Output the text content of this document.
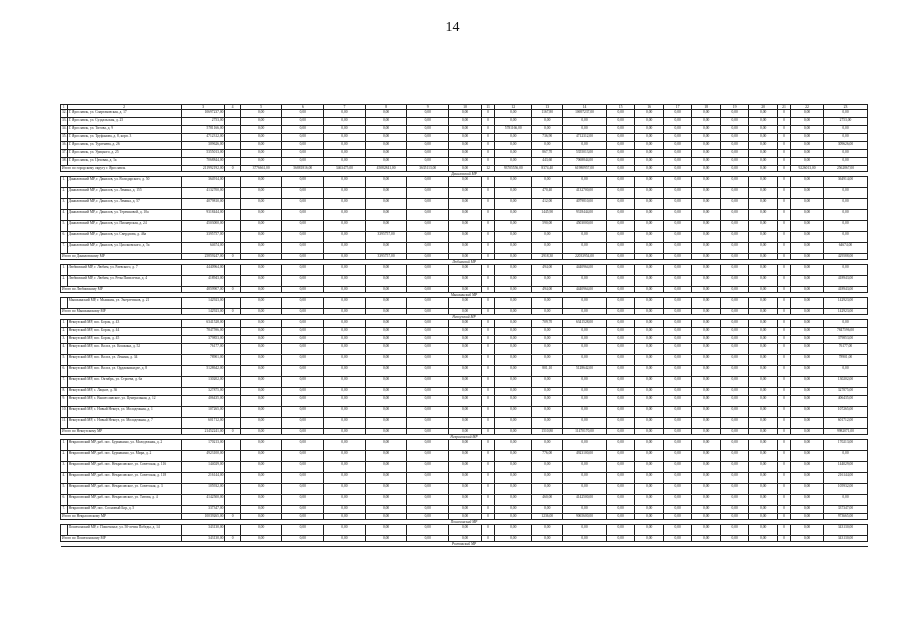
14
1	2	3	4	5	6	7	8	9	10	11	12	13	14	15	16	17	18	19	20	21	22	23
32.	Г. Ярославль, ул. Спартаковская, д. 17	10697237,00		0,00	0,00	0,00	0,00	0,00	0,00	0	0,00	1167,80	10697237,00	0,00	0,00	0,00	0,00	0,00	0,00	0	0,00	0,00
33.	Г. Ярославль, ул. Суздальская, д. 25	2753,00		0,00	0,00	0,00	0,00	0,00	0,00	0	0,00	0,00	0,00	0,00	0,00	0,00	0,00	0,00	0,00	0	0,00	2753,00
34.	Г. Ярославль, ул. Титова, д. 9	5781166,00		0,00	0,00	0,00	0,00	0,00	0,00	0	5781166,00	0,00	0,00	0,00	0,00	0,00	0,00	0,00	0,00	0	0,00	0,00
35.	Г. Ярославль, ул. Труфанова, д. 8, корп. 3	4712312,00		0,00	0,00	0,00	0,00	0,00	0,00	0	0,00	736,90	4712312,00	0,00	0,00	0,00	0,00	0,00	0,00	0	0,00	0,00
36.	Г. Ярославль, ул. Тургенева, д. 26	309626,00		0,00	0,00	0,00	0,00	0,00	0,00	0	0,00	0,00	0,00	0,00	0,00	0,00	0,00	0,00	0,00	0	0,00	309626,00
37.	Г. Ярославль, ул. Урицкого, д. 25	5355013,00		0,00	0,00	0,00	0,00	0,00	0,00	0	0,00	867,70	5355013,00	0,00	0,00	0,00	0,00	0,00	0,00	0	0,00	0,00
38.	Г. Ярославль, ул. Цеховая, д. 1а	7068844,00		0,00	0,00	0,00	0,00	0,00	0,00	0	0,00	443,60	7068844,00	0,00	0,00	0,00	0,00	0,00	0,00	0	0,00	0,00
Итого по городскому округу г. Ярославль		211992192,00	0	3776661,00	56881816,00	3463475,00	45082841,00	3635113,00	0,00	12	93705556,00	8374,40	61980957,00	0,00	0,00	0,00	0,00	0,00	0,00	0	9226013,00	2562867,00
Даниловский МР																						
1.	Даниловский МР, г. Данилов, ул. Володарского, д. 50	364914,00		0,00	0,00	0,00	0,00	0,00	0,00	0	0,00	0,00	0,00	0,00	0,00	0,00	0,00	0,00	0,00	0	0,00	364914,00
2.	Даниловский МР, г. Данилов, ул. Ленина, д. 155	4132700,00		0,00	0,00	0,00	0,00	0,00	0,00	0	0,00	470,40	4132700,00	0,00	0,00	0,00	0,00	0,00	0,00	0	0,00	0,00
3.	Даниловский МР, г. Данилов, ул. Ленина, д. 57	4079810,00		0,00	0,00	0,00	0,00	0,00	0,00	0	0,00	412,00	4079810,00	0,00	0,00	0,00	0,00	0,00	0,00	0	0,00	0,00
4.	Даниловский МР, г. Данилов, ул. Терешковой, д. 10а	9318444,00		0,00	0,00	0,00	0,00	0,00	0,00	0	0,00	1445,90	9318444,00	0,00	0,00	0,00	0,00	0,00	0,00	0	0,00	0,00
5.	Даниловский МР, г. Данилов, ул. Пионерская, д. 24	4503000,00		0,00	0,00	0,00	0,00	0,00	0,00	0	0,00	590,00	4503000,00	0,00	0,00	0,00	0,00	0,00	0,00	0	0,00	0,00
6.	Даниловский МР, г. Данилов, ул. Свердлова, д. 46а	3395757,00		0,00	0,00	0,00	3395757,00	0,00	0,00	0	0,00	0,00	0,00	0,00	0,00	0,00	0,00	0,00	0,00	0	0,00	0,00
7.	Даниловский МР, г. Данилов, ул. Циолковского, д. 5а	64674,00		0,00	0,00	0,00	0,00	0,00	0,00	0	0,00	0,00	0,00	0,00	0,00	0,00	0,00	0,00	0,00	0	0,00	64674,00
Итого по Даниловскому МР		25859247,00	0	0,00	0,00	0,00	3395757,00	0,00	0,00	0	0,00	2918,30	22033954,00	0,00	0,00	0,00	0,00	0,00	0,00	0	0,00	429588,00
Любимский МР																						
1.	Любимский МР, г. Любим, ул. Раевского, д. 7	4440964,00		0,00	0,00	0,00	0,00	0,00	0,00	0	0,00	494,00	4440964,00	0,00	0,00	0,00	0,00	0,00	0,00	0	0,00	0,00
2.	Любимский МР, г. Любим, ул. Речн Пятилетки, д. 4	418943,00		0,00	0,00	0,00	0,00	0,00	0,00	0	0,00	0,00	0,00	0,00	0,00	0,00	0,00	0,00	0,00	0	0,00	418943,00
Итого по Любимскому МР		4859907,00	0	0,00	0,00	0,00	0,00	0,00	0,00	0	0,00	494,00	4440964,00	0,00	0,00	0,00	0,00	0,00	0,00	0	0,00	418943,00
Мышкинский МР																						
	Мышкинский МР, г. Мышкин, ул. Энергетиков, д. 21	142923,00		0,00	0,00	0,00	0,00	0,00	0,00	0	0,00	0,00	0,00	0,00	0,00	0,00	0,00	0,00	0,00	0	0,00	142923,00
Итого по Мышкинскому МР		142923,00	0	0,00	0,00	0,00	0,00	0,00	0,00	0	0,00	0,00	0,00	0,00	0,00	0,00	0,00	0,00	0,00	0	0,00	142923,00
Некоузский МР																						
1.	Некоузский МР, пос. Борок, д. 43	6341528,00		0,00	0,00	0,00	0,00	0,00	0,00	0	0,00	709,70	6341528,00	0,00	0,00	0,00	0,00	0,00	0,00	0	0,00	0,00
2.	Некоузский МР, пос. Борок, д. 44	7847596,00		0,00	0,00	0,00	0,00	0,00	0,00	0	0,00	0,00	0,00	0,00	0,00	0,00	0,00	0,00	0,00	0	0,00	7847596,00
3.	Некоузский МР, пос. Борок, д. 45	379853,00		0,00	0,00	0,00	0,00	0,00	0,00	0	0,00	0,00	0,00	0,00	0,00	0,00	0,00	0,00	0,00	0	0,00	379853,00
4.	Некоузский МР, пос. Волга, ул. Кошкина, д. 52	76177,00		0,00	0,00	0,00	0,00	0,00	0,00	0	0,00	0,00	0,00	0,00	0,00	0,00	0,00	0,00	0,00	0	0,00	76177,00
5.	Некоузский МР, пос. Волга, ул. Ленина, д. 34	78901,00		0,00	0,00	0,00	0,00	0,00	0,00	0	0,00	0,00	0,00	0,00	0,00	0,00	0,00	0,00	0,00	0	0,00	78901,00
6.	Некоузский МР, пос. Волга, ул. Орджоникидзе, д. 8	5128642,00		0,00	0,00	0,00	0,00	0,00	0,00	0	0,00	801,10	5128642,00	0,00	0,00	0,00	0,00	0,00	0,00	0	0,00	0,00
7.	Некоузский МР, пос. Октябрь, ул. Строева, д. 6а	130202,00		0,00	0,00	0,00	0,00	0,00	0,00	0	0,00	0,00	0,00	0,00	0,00	0,00	0,00	0,00	0,00	0	0,00	130202,00
8.	Некоузский МР, с. Лацкое, д. 36	327875,00		0,00	0,00	0,00	0,00	0,00	0,00	0	0,00	0,00	0,00	0,00	0,00	0,00	0,00	0,00	0,00	0	0,00	327875,00
9.	Некоузский МР, с. Вышеславское, ул. Центральная, д. 12	406435,00		0,00	0,00	0,00	0,00	0,00	0,00	0	0,00	0,00	0,00	0,00	0,00	0,00	0,00	0,00	0,00	0	0,00	406435,00
10.	Некоузский МР, с. Новый Некоуз, ул. Молодежная, д. 1	107265,00		0,00	0,00	0,00	0,00	0,00	0,00	0	0,00	0,00	0,00	0,00	0,00	0,00	0,00	0,00	0,00	0	0,00	107265,00
11.	Некоузский МР, с. Новый Некоуз, ул. Молодежная, д. 7	601712,00		0,00	0,00	0,00	0,00	0,00	0,00	0	0,00	0,00	0,00	0,00	0,00	0,00	0,00	0,00	0,00	0	0,00	601712,00
Итого по Некоузскому МР		21452241,00	0	0,00	0,00	0,00	0,00	0,00	0,00	0	0,00	1510,80	11470170,00	0,00	0,00	0,00	0,00	0,00	0,00	0	0,00	9982071,00
Некрасовский МР																						
1.	Некрасовский МР, раб. пос. Бурмакино, ул. Молодежная, д. 2	170213,00		0,00	0,00	0,00	0,00	0,00	0,00	0	0,00	0,00	0,00	0,00	0,00	0,00	0,00	0,00	0,00	0	0,00	170213,00
2.	Некрасовский МР, раб. пос. Бурмакино, ул. Мира, д. 2	4923100,00		0,00	0,00	0,00	0,00	0,00	0,00	0	0,00	776,00	4923100,00	0,00	0,00	0,00	0,00	0,00	0,00	0	0,00	0,00
3.	Некрасовский МР, раб. пос. Некрасовское, ул. Советская, д. 116	144029,00		0,00	0,00	0,00	0,00	0,00	0,00	0	0,00	0,00	0,00	0,00	0,00	0,00	0,00	0,00	0,00	0	0,00	144029,00
4.	Некрасовский МР, раб. пос. Некрасовское, ул. Советская, д. 118	216144,00		0,00	0,00	0,00	0,00	0,00	0,00	0	0,00	0,00	0,00	0,00	0,00	0,00	0,00	0,00	0,00	0	0,00	216144,00
5.	Некрасовский МР, раб. пос. Некрасовское, ул. Советская, д. 3	105932,00		0,00	0,00	0,00	0,00	0,00	0,00	0	0,00	0,00	0,00	0,00	0,00	0,00	0,00	0,00	0,00	0	0,00	105932,00
6.	Некрасовский МР, раб. пос. Некрасовское, ул. Титова, д. 4	4142500,00		0,00	0,00	0,00	0,00	0,00	0,00	0	0,00	460,00	4142500,00	0,00	0,00	0,00	0,00	0,00	0,00	0	0,00	0,00
7.	Некрасовский МР, пос. Сосновый Бор, д. 5	337347,00		0,00	0,00	0,00	0,00	0,00	0,00	0	0,00	0,00	0,00	0,00	0,00	0,00	0,00	0,00	0,00	0	0,00	337347,00
Итого по Некрасовскому МР		10039265,00	0	0,00	0,00	0,00	0,00	0,00	0,00	0	0,00	1236,00	9065600,00	0,00	0,00	0,00	0,00	0,00	0,00	0	0,00	973665,00
Пошехонский МР																						
	Пошехонский МР, г. Пошехонье, ул. 50-летия Победы, д. 14	343130,00		0,00	0,00	0,00	0,00	0,00	0,00	0	0,00	0,00	0,00	0,00	0,00	0,00	0,00	0,00	0,00	0	0,00	343130,00
Итого по Пошехонскому МР		343130,00	0	0,00	0,00	0,00	0,00	0,00	0,00	0	0,00	0,00	0,00	0,00	0,00	0,00	0,00	0,00	0,00	0	0,00	343130,00
Ростовский МР																						
